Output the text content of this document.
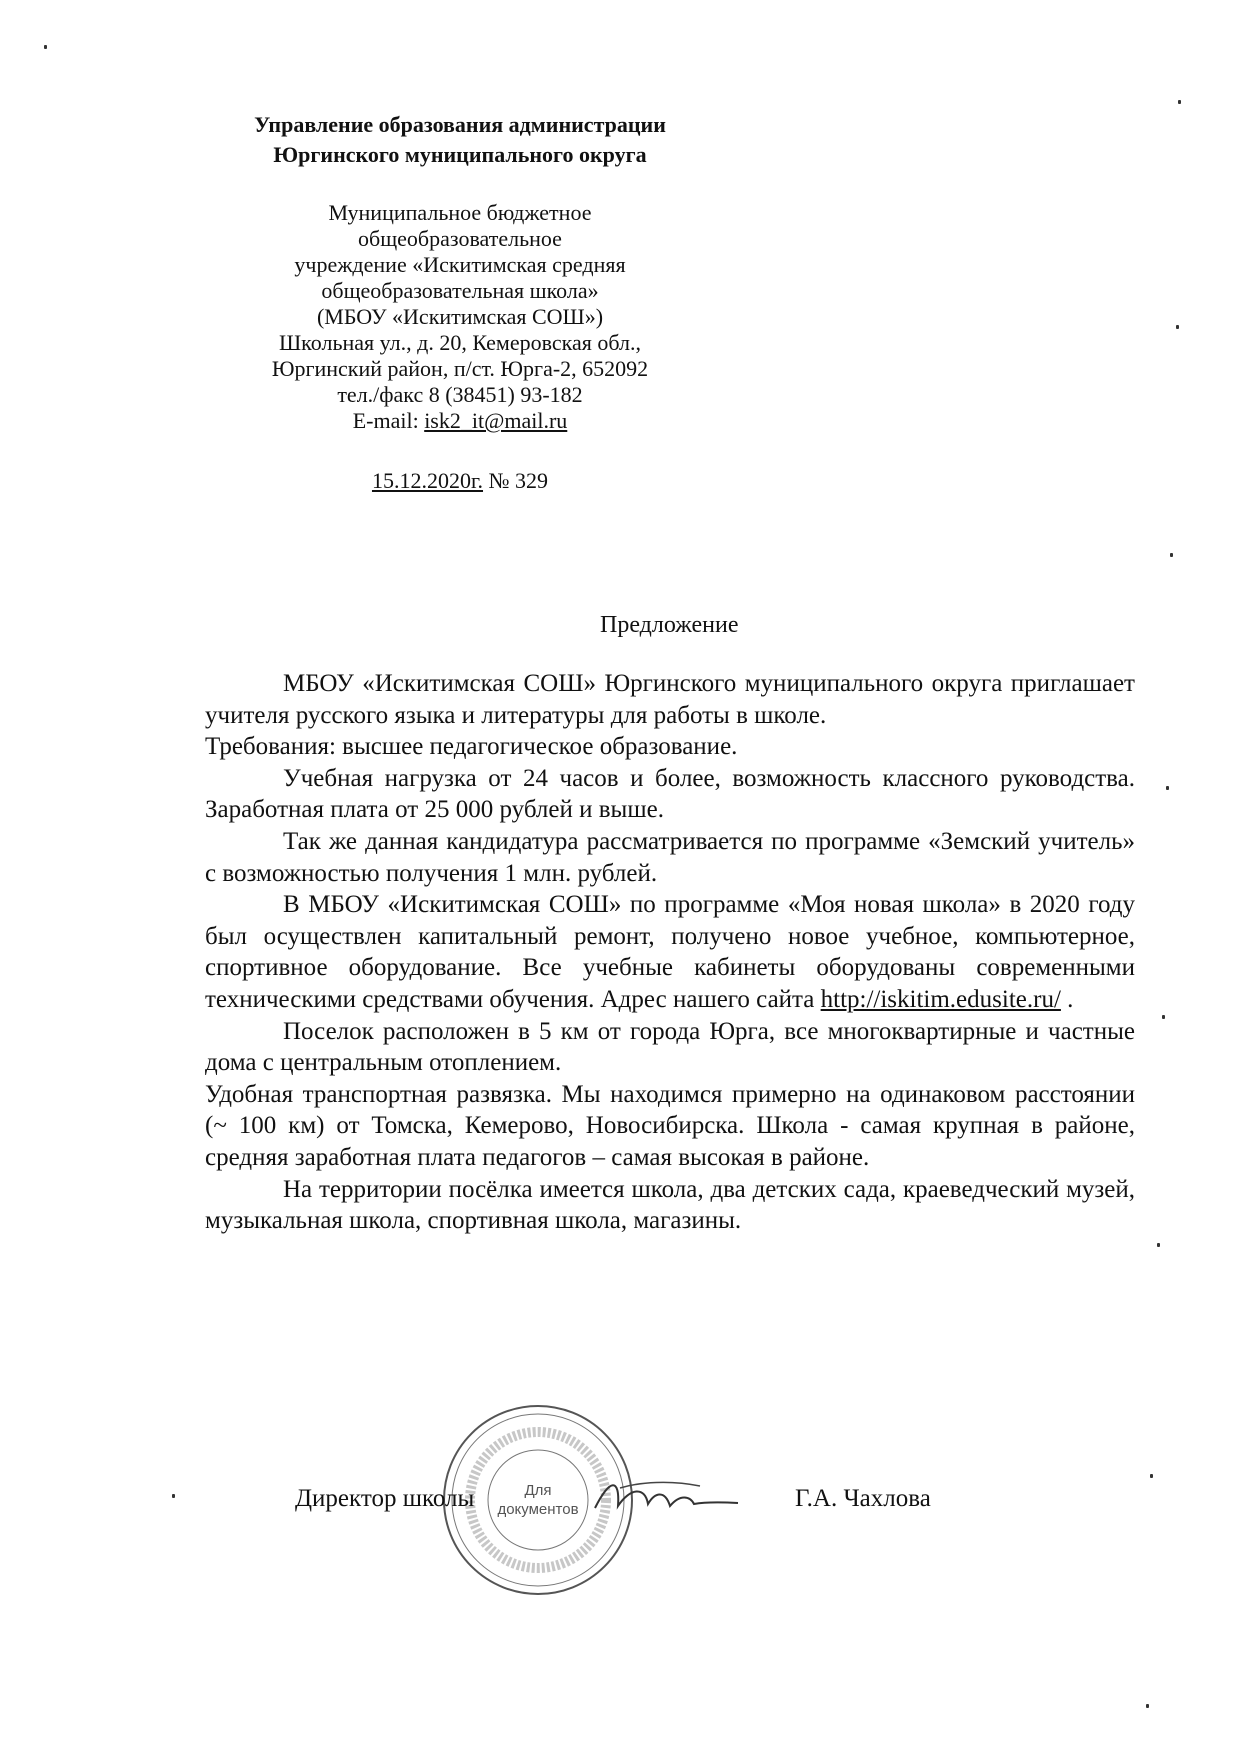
Управление образования администрации
Юргинского муниципального округа
Муниципальное бюджетное
общеобразовательное
учреждение «Искитимская средняя
общеобразовательная школа»
(МБОУ «Искитимская СОШ»)
Школьная ул., д. 20, Кемеровская обл.,
Юргинский район, п/ст. Юрга-2, 652092
тел./факс 8 (38451) 93-182
E-mail: isk2_it@mail.ru
15.12.2020г. № 329
Предложение

МБОУ «Искитимская СОШ» Юргинского муниципального округа приглашает учителя русского языка и литературы для работы в школе.

Требования: высшее педагогическое образование.

Учебная нагрузка от 24 часов и более, возможность классного руководства. Заработная плата от 25 000 рублей и выше.

Так же данная кандидатура рассматривается по программе «Земский учитель» с возможностью получения 1 млн. рублей.

В МБОУ «Искитимская СОШ» по программе «Моя новая школа» в 2020 году был осуществлен капитальный ремонт, получено новое учебное, компьютерное, спортивное оборудование. Все учебные кабинеты оборудованы современными техническими средствами обучения. Адрес нашего сайта http://iskitim.edusite.ru/ .

Поселок расположен в 5 км от города Юрга, все многоквартирные и частные дома с центральным отоплением.

Удобная транспортная развязка. Мы находимся примерно на одинаковом расстоянии (~ 100 км) от Томска, Кемерово, Новосибирска. Школа - самая крупная в районе, средняя заработная плата педагогов – самая высокая в районе.

На территории посёлка имеется школа, два детских сада, краеведческий музей, музыкальная школа, спортивная школа, магазины.

Для
документов
Директор школы	Г.А. Чахлова
